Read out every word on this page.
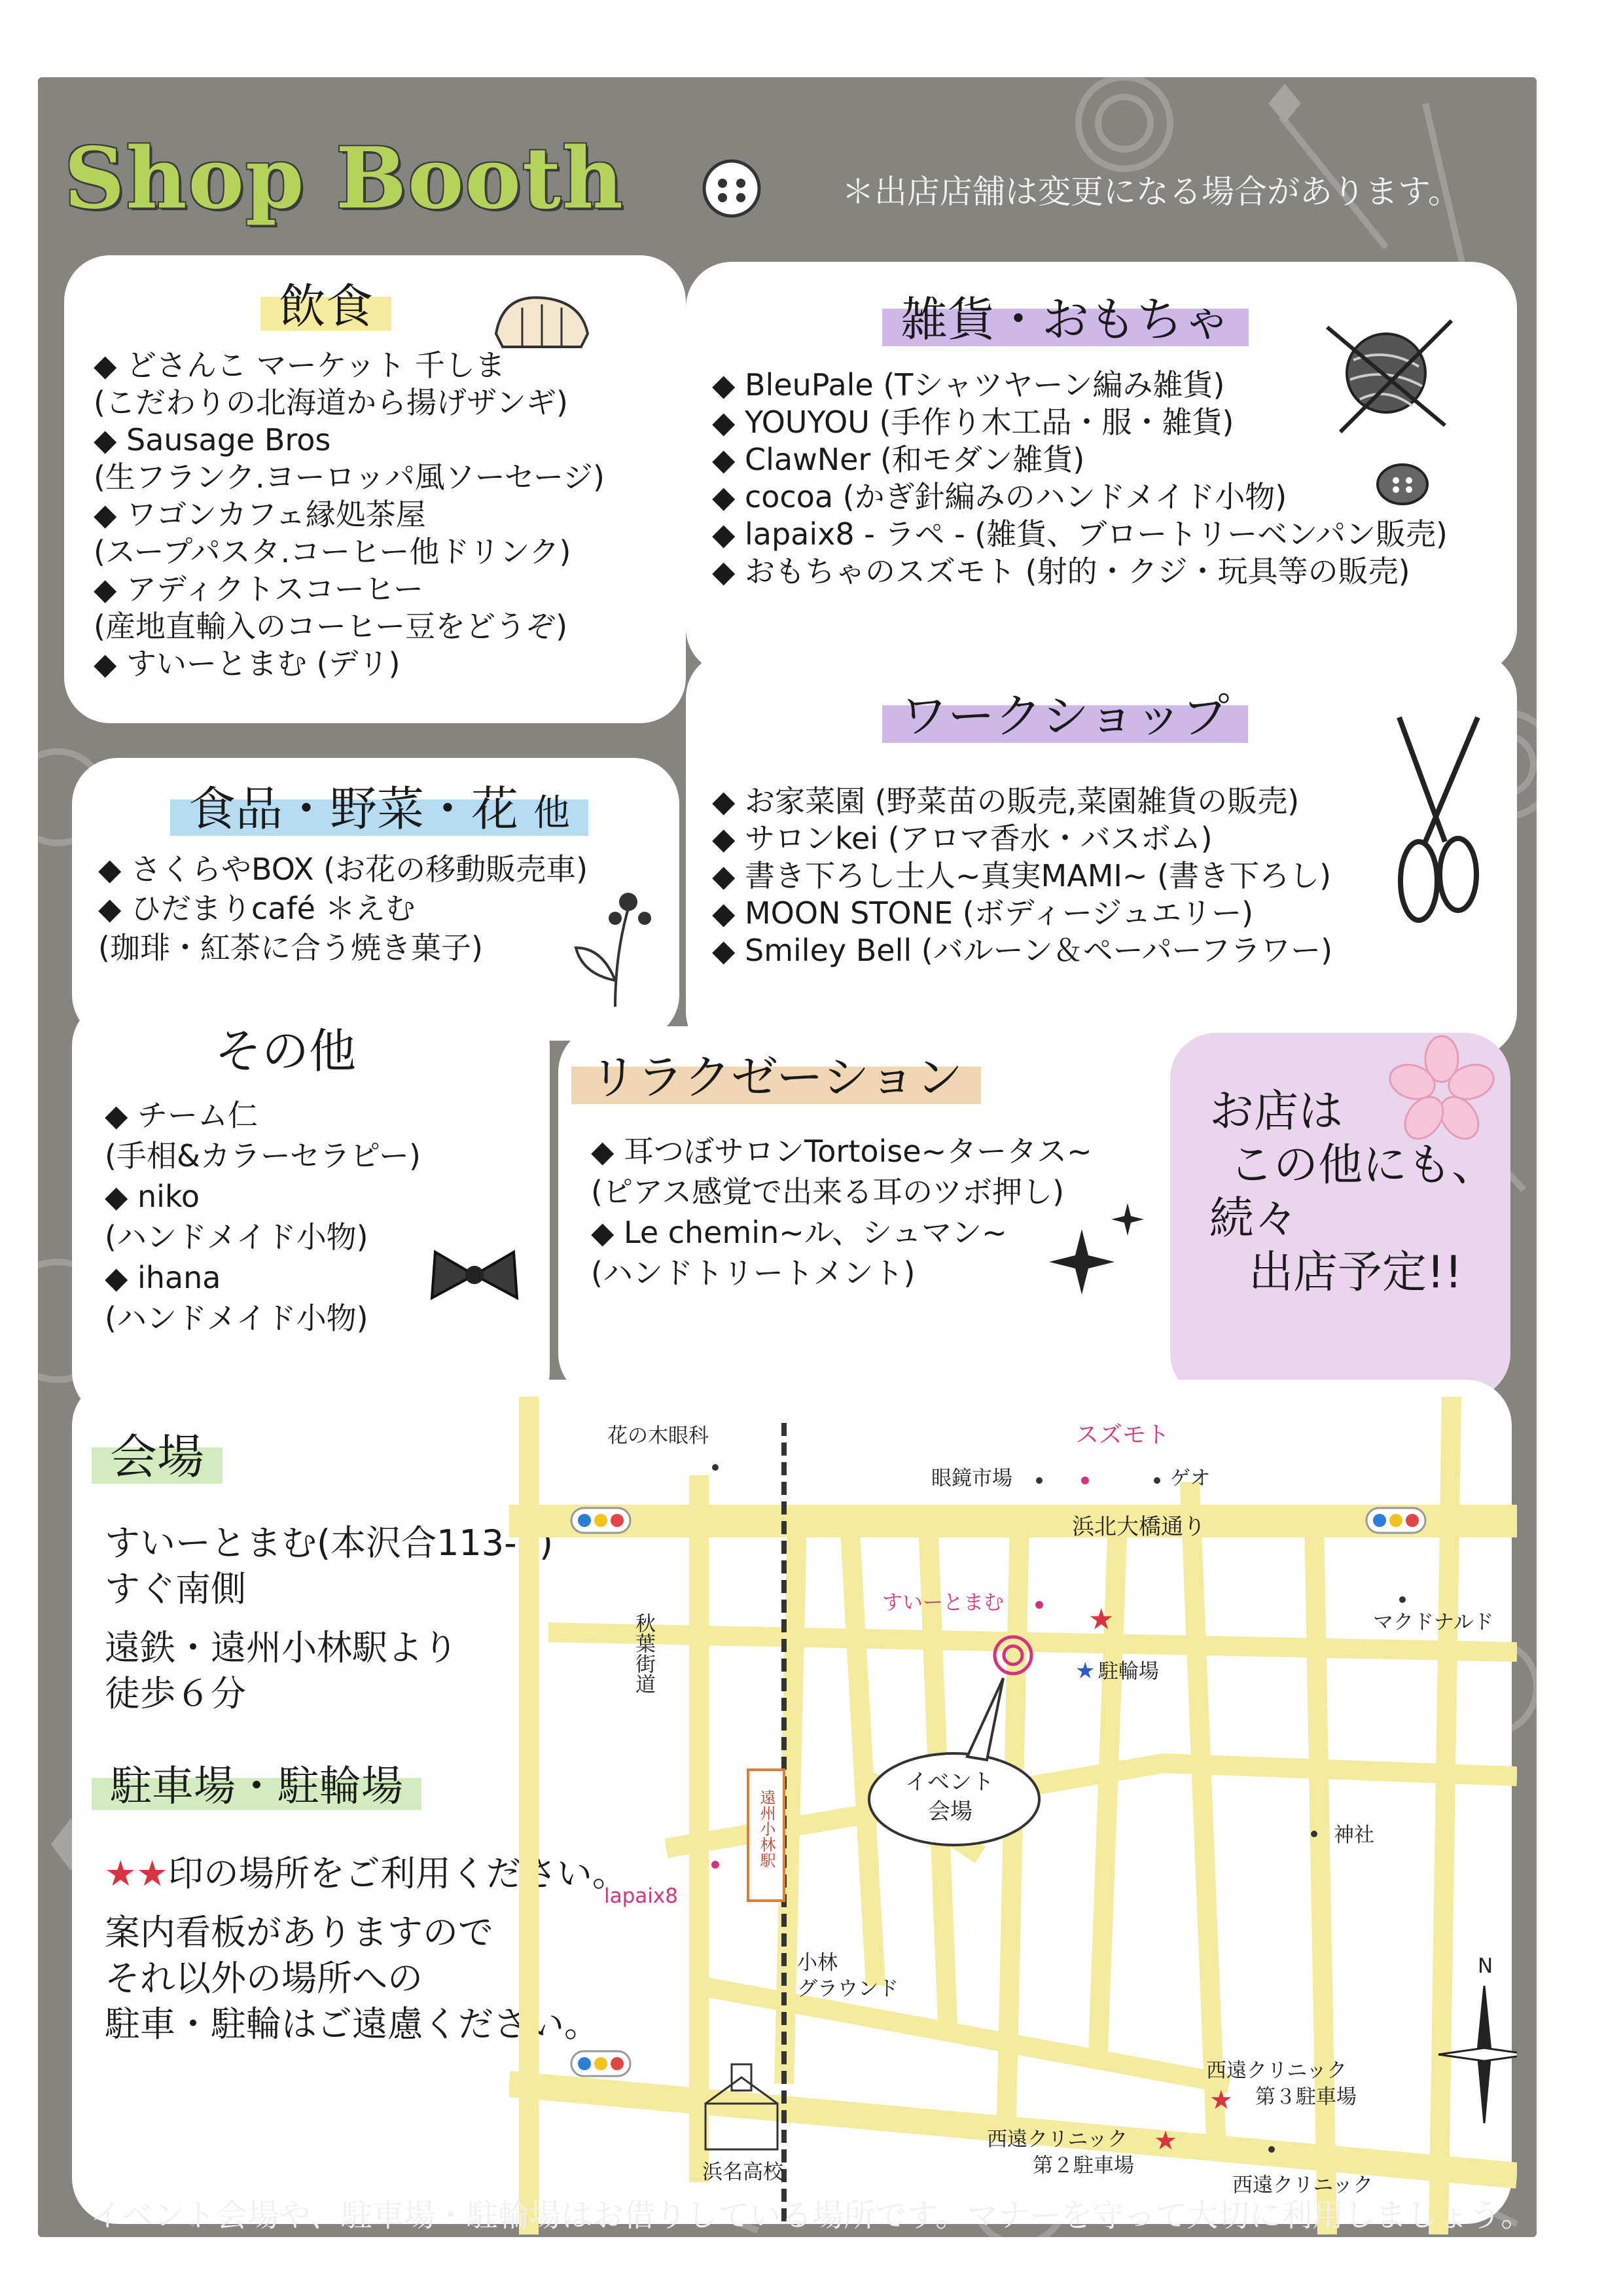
Shop Booth	＊出店店舗は変更になる場合があります。
飲食
◆ どさんこ マーケット 千しま
(こだわりの北海道から揚げザンギ)
◆ Sausage Bros
(生フランク.ヨーロッパ風ソーセージ)
◆ ワゴンカフェ縁処茶屋
(スープパスタ.コーヒー他ドリンク)
◆ アディクトスコーヒー
(産地直輸入のコーヒー豆をどうぞ)
◆ すいーとまむ (デリ)
雑貨・おもちゃ
◆ BleuPale (Tシャツヤーン編み雑貨)
◆ YOUYOU (手作り木工品・服・雑貨)
◆ ClawNer (和モダン雑貨)
◆ cocoa (かぎ針編みのハンドメイド小物)
◆ lapaix8 - ラペ - (雑貨、ブロートリーベンパン販売)
◆ おもちゃのスズモト (射的・クジ・玩具等の販売)
食品・野菜・花 他
◆ さくらやBOX (お花の移動販売車)
◆ ひだまりcafé ＊えむ
(珈琲・紅茶に合う焼き菓子)
ワークショップ
◆ お家菜園 (野菜苗の販売,菜園雑貨の販売)
◆ サロンkei (アロマ香水・バスボム)
◆ 書き下ろし士人~真実MAMI~ (書き下ろし)
◆ MOON STONE (ボディージュエリー)
◆ Smiley Bell (バルーン＆ペーパーフラワー)
その他
◆ チーム仁
(手相&カラーセラピー)
◆ niko
(ハンドメイド小物)
◆ ihana
(ハンドメイド小物)
リラクゼーション
◆ 耳つぼサロンTortoise~タータス~
(ピアス感覚で出来る耳のツボ押し)
◆ Le chemin~ル、シュマン~
(ハンドトリートメント)
お店は
この他にも、
続々
出店予定!!
会場
すいーとまむ(本沢合113-2)
すぐ南側
遠鉄・遠州小林駅より
徒歩６分
駐車場・駐輪場
★★印の場所をご利用ください。
案内看板がありますので
それ以外の場所への
駐車・駐輪はご遠慮ください。
遠州小林駅
花の木眼科
眼鏡市場
スズモト
ゲオ
浜北大橋通り
マクドナルド
すいーとまむ
駐輪場
秋葉街道
神社
lapaix8
小林
グラウンド
N
西遠クリニック
第３駐車場
西遠クリニック
第２駐車場
西遠クリニック
浜名高校
★
★
★
★
イベント
会場
イベント会場や、駐車場・駐輪場はお借りしている場所です。マナーを守って大切に利用しましょう。
